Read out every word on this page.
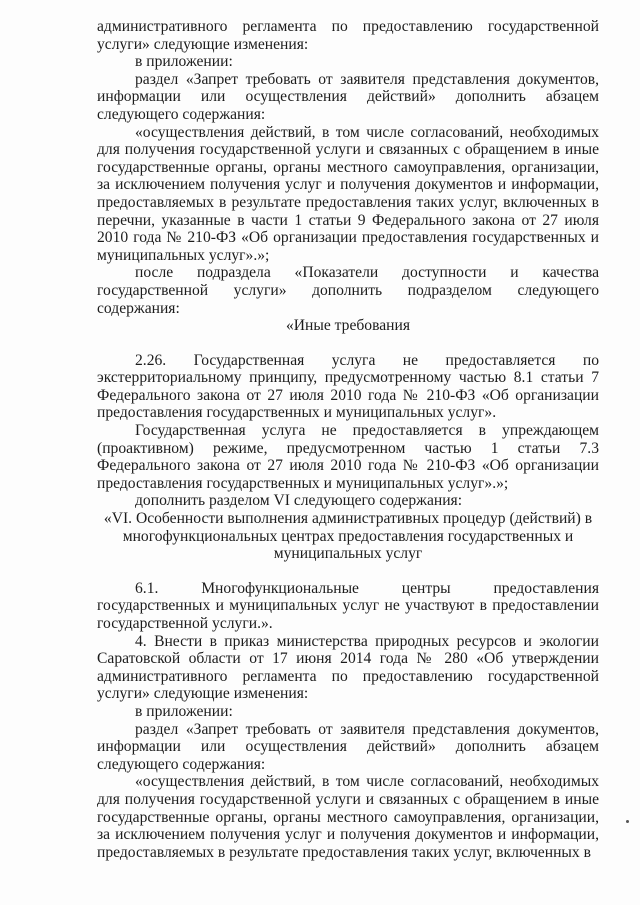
административного регламента по предоставлению государственной услуги» следующие изменения:

в приложении:

раздел «Запрет требовать от заявителя представления документов, информации или осуществления действий» дополнить абзацем следующего содержания:

«осуществления действий, в том числе согласований, необходимых для получения государственной услуги и связанных с обращением в иные государственные органы, органы местного самоуправления, организации, за исключением получения услуг и получения документов и информации, предоставляемых в результате предоставления таких услуг, включенных в перечни, указанные в части 1 статьи 9 Федерального закона от 27 июля 2010 года № 210-ФЗ «Об организации предоставления государственных и муниципальных услуг».»;

после подраздела «Показатели доступности и качества государственной услуги» дополнить подразделом следующего содержания:

«Иные требования

2.26. Государственная услуга не предоставляется по экстерриториальному принципу, предусмотренному частью 8.1 статьи 7 Федерального закона от 27 июля 2010 года № 210-ФЗ «Об организации предоставления государственных и муниципальных услуг».

Государственная услуга не предоставляется в упреждающем (проактивном) режиме, предусмотренном частью 1 статьи 7.3 Федерального закона от 27 июля 2010 года № 210-ФЗ «Об организации предоставления государственных и муниципальных услуг».»;

дополнить разделом VI следующего содержания:

«VI. Особенности выполнения административных процедур (действий) в многофункциональных центрах предоставления государственных и муниципальных услуг

6.1. Многофункциональные центры предоставления государственных и муниципальных услуг не участвуют в предоставлении государственной услуги.».

4. Внести в приказ министерства природных ресурсов и экологии Саратовской области от 17 июня 2014 года № 280 «Об утверждении административного регламента по предоставлению государственной услуги» следующие изменения:

в приложении:

раздел «Запрет требовать от заявителя представления документов, информации или осуществления действий» дополнить абзацем следующего содержания:

«осуществления действий, в том числе согласований, необходимых для получения государственной услуги и связанных с обращением в иные государственные органы, органы местного самоуправления, организации, за исключением получения услуг и получения документов и информации, предоставляемых в результате предоставления таких услуг, включенных в
